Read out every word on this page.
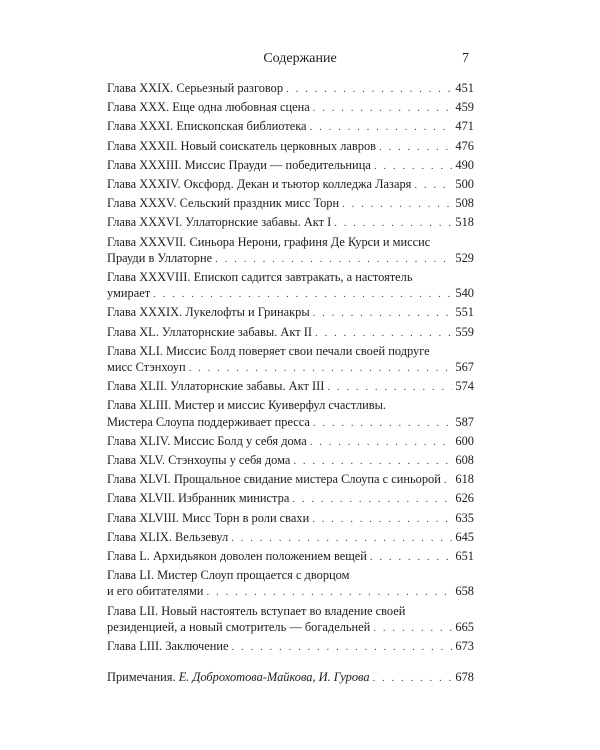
Содержание	7
Глава XXIX. Серьезный разговор . . .	451
Глава XXX. Еще одна любовная сцена . . .	459
Глава XXXI. Епископская библиотека . . .	471
Глава XXXII. Новый соискатель церковных лавров . . .	476
Глава XXXIII. Миссис Прауди — победительница . . .	490
Глава XXXIV. Оксфорд. Декан и тьютор колледжа Лазаря . . .	500
Глава XXXV. Сельский праздник мисс Торн . . .	508
Глава XXXVI. Уллаторнские забавы. Акт I . . .	518
Глава XXXVII. Синьора Нерони, графиня Де Курси и миссис
Прауди в Уллаторне . . .	529
Глава XXXVIII. Епископ садится завтракать, а настоятель
умирает . . .	540
Глава XXXIX. Лукелофты и Гринакры . . .	551
Глава XL. Уллаторнские забавы. Акт II . . .	559
Глава XLI. Миссис Болд поверяет свои печали своей подруге
мисс Стэнхоуп . . .	567
Глава XLII. Уллаторнские забавы. Акт III . . .	574
Глава XLIII. Мистер и миссис Куиверфул счастливы.
Мистера Слоупа поддерживает пресса . . .	587
Глава XLIV. Миссис Болд у себя дома . . .	600
Глава XLV. Стэнхоупы у себя дома . . .	608
Глава XLVI. Прощальное свидание мистера Слоупа с синьорой . . . 618
Глава XLVII. Избранник министра . . .	626
Глава XLVIII. Мисс Торн в роли свахи . . .	635
Глава XLIX. Вельзевул . . .	645
Глава L. Архидьякон доволен положением вещей . . .	651
Глава LI. Мистер Слоуп прощается с дворцом
и его обитателями . . .	658
Глава LII. Новый настоятель вступает во владение своей
резиденцией, а новый смотритель — богадельней . . .	665
Глава LIII. Заключение . . .	673
Примечания.
Е. Доброхотова-Майкова, И. Гурова . . .	678
